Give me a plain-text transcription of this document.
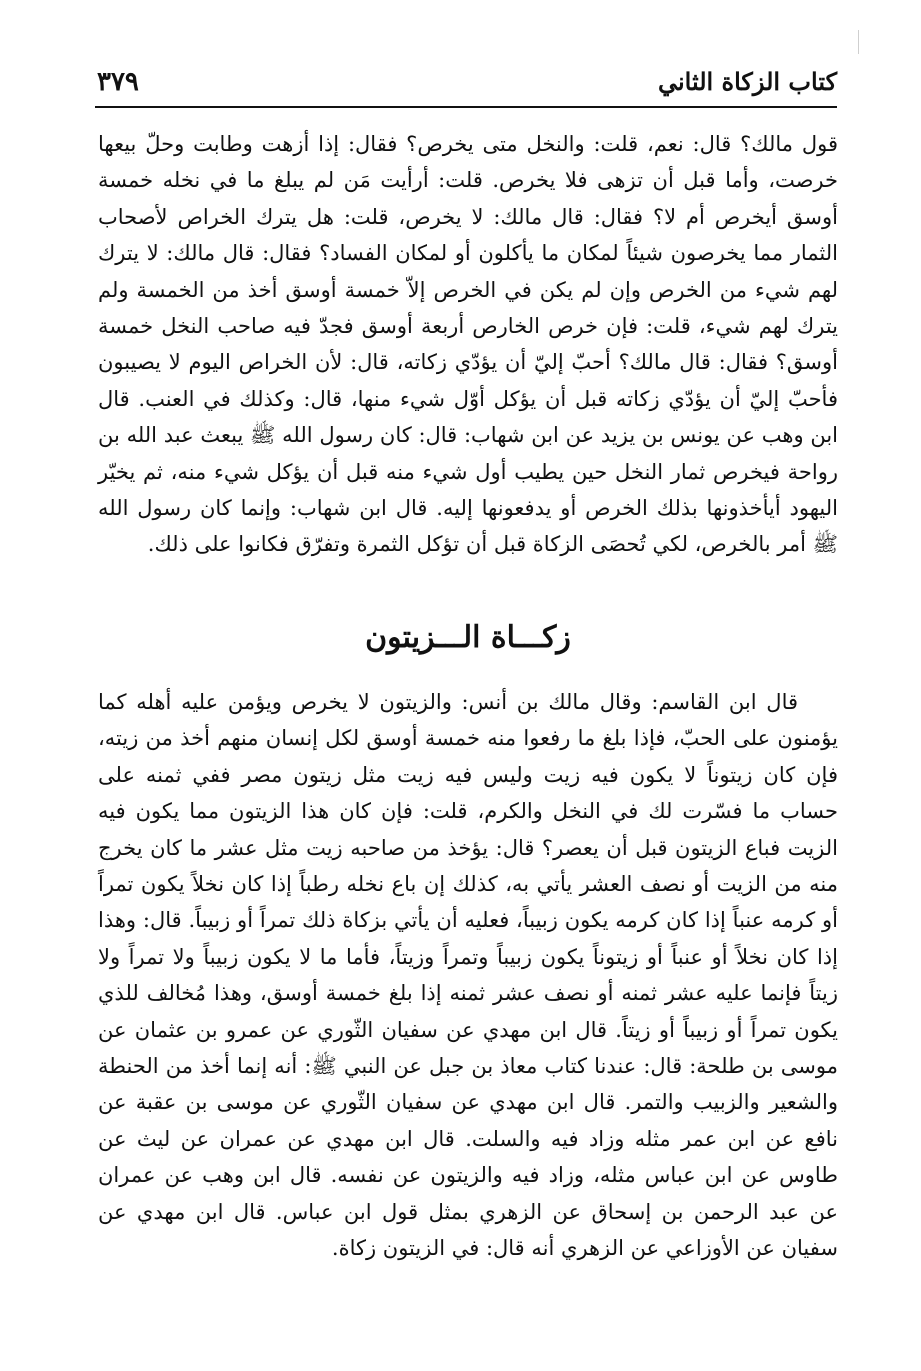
كتاب الزكاة الثاني
٣٧٩

قول مالك؟ قال: نعم، قلت: والنخل متى يخرص؟ فقال: إذا أزهت وطابت وحلّ بيعها خرصت، وأما قبل أن تزهى فلا يخرص. قلت: أرأيت مَن لم يبلغ ما في نخله خمسة أوسق أيخرص أم لا؟ فقال: قال مالك: لا يخرص، قلت: هل يترك الخراص لأصحاب الثمار مما يخرصون شيئاً لمكان ما يأكلون أو لمكان الفساد؟ فقال: قال مالك: لا يترك لهم شيء من الخرص وإن لم يكن في الخرص إلاّ خمسة أوسق أخذ من الخمسة ولم يترك لهم شيء، قلت: فإن خرص الخارص أربعة أوسق فجدّ فيه صاحب النخل خمسة أوسق؟ فقال: قال مالك؟ أحبّ إليّ أن يؤدّي زكاته، قال: لأن الخراص اليوم لا يصيبون فأحبّ إليّ أن يؤدّي زكاته قبل أن يؤكل أوّل شيء منها، قال: وكذلك في العنب. قال ابن وهب عن يونس بن يزيد عن ابن شهاب: قال: كان رسول الله ﷺ يبعث عبد الله بن رواحة فيخرص ثمار النخل حين يطيب أول شيء منه قبل أن يؤكل شيء منه، ثم يخيّر اليهود أيأخذونها بذلك الخرص أو يدفعونها إليه. قال ابن شهاب: وإنما كان رسول الله ﷺ أمر بالخرص، لكي تُحصَى الزكاة قبل أن تؤكل الثمرة وتفرّق فكانوا على ذلك.

زكـــاة الـــزيتون

قال ابن القاسم: وقال مالك بن أنس: والزيتون لا يخرص ويؤمن عليه أهله كما يؤمنون على الحبّ، فإذا بلغ ما رفعوا منه خمسة أوسق لكل إنسان منهم أخذ من زيته، فإن كان زيتوناً لا يكون فيه زيت وليس فيه زيت مثل زيتون مصر ففي ثمنه على حساب ما فسّرت لك في النخل والكرم، قلت: فإن كان هذا الزيتون مما يكون فيه الزيت فباع الزيتون قبل أن يعصر؟ قال: يؤخذ من صاحبه زيت مثل عشر ما كان يخرج منه من الزيت أو نصف العشر يأتي به، كذلك إن باع نخله رطباً إذا كان نخلاً يكون تمراً أو كرمه عنباً إذا كان كرمه يكون زبيباً، فعليه أن يأتي بزكاة ذلك تمراً أو زبيباً. قال: وهذا إذا كان نخلاً أو عنباً أو زيتوناً يكون زبيباً وتمراً وزيتاً، فأما ما لا يكون زبيباً ولا تمراً ولا زيتاً فإنما عليه عشر ثمنه أو نصف عشر ثمنه إذا بلغ خمسة أوسق، وهذا مُخالف للذي يكون تمراً أو زبيباً أو زيتاً. قال ابن مهدي عن سفيان الثّوري عن عمرو بن عثمان عن موسى بن طلحة: قال: عندنا كتاب معاذ بن جبل عن النبي ﷺ: أنه إنما أخذ من الحنطة والشعير والزبيب والتمر. قال ابن مهدي عن سفيان الثّوري عن موسى بن عقبة عن نافع عن ابن عمر مثله وزاد فيه والسلت. قال ابن مهدي عن عمران عن ليث عن طاوس عن ابن عباس مثله، وزاد فيه والزيتون عن نفسه. قال ابن وهب عن عمران عن عبد الرحمن بن إسحاق عن الزهري بمثل قول ابن عباس. قال ابن مهدي عن سفيان عن الأوزاعي عن الزهري أنه قال: في الزيتون زكاة.
